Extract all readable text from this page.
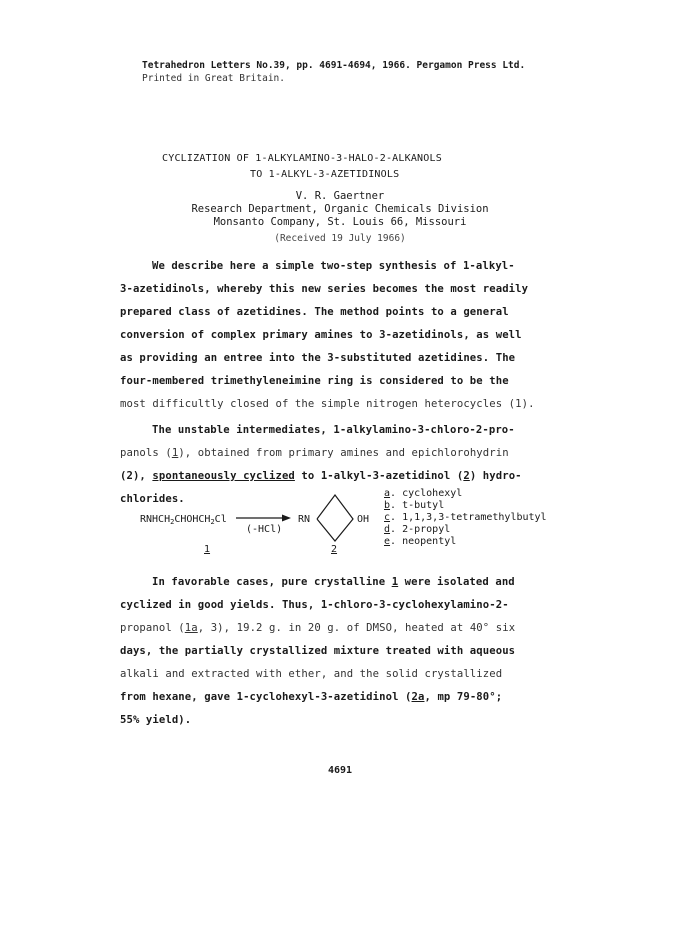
Tetrahedron Letters No.39, pp. 4691-4694, 1966. Pergamon Press Ltd.
Printed in Great Britain.
CYCLIZATION OF 1-ALKYLAMINO-3-HALO-2-ALKANOLS
TO 1-ALKYL-3-AZETIDINOLS
V. R. Gaertner
Research Department, Organic Chemicals Division
Monsanto Company, St. Louis 66, Missouri
(Received 19 July 1966)
We describe here a simple two-step synthesis of 1-alkyl-
3-azetidinols, whereby this new series becomes the most readily
prepared class of azetidines. The method points to a general
conversion of complex primary amines to 3-azetidinols, as well
as providing an entree into the 3-substituted azetidines. The
four-membered trimethyleneimine ring is considered to be the
most difficultly closed of the simple nitrogen heterocycles (1).
The unstable intermediates, 1-alkylamino-3-chloro-2-pro-
panols (1), obtained from primary amines and epichlorohydrin
(2), spontaneously cyclized to 1-alkyl-3-azetidinol (2) hydro-
chlorides.
$RNHCH_2CHOHCH_2Cl$ →
(-HCl)
RN	OH
1	2
a. cyclohexyl
b. t-butyl
c. 1,1,3,3-tetramethylbutyl
d. 2-propyl
e. neopentyl
In favorable cases, pure crystalline 1 were isolated and
cyclized in good yields. Thus, 1-chloro-3-cyclohexylamino-2-
propanol (1a, 3), 19.2 g. in 20 g. of DMSO, heated at 40° six
days, the partially crystallized mixture treated with aqueous
alkali and extracted with ether, and the solid crystallized
from hexane, gave 1-cyclohexyl-3-azetidinol (2a, mp 79-80°;
55% yield).
4691
